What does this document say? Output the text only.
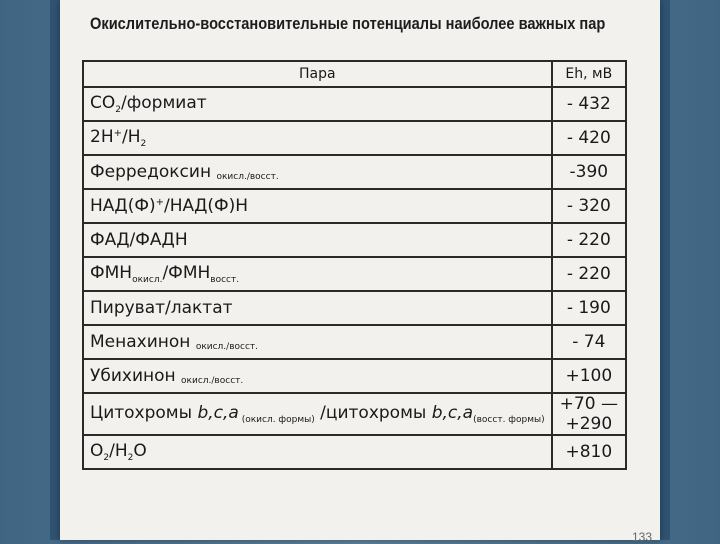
Окислительно-восстановительные потенциалы наиболее важных пар
Пара	Eh, мВ
$CO_2$/формиат	- 432
$2H^+/H_2$	- 420
Ферредоксин окисл./восст.	-390
НАД(Ф)+/НАД(Ф)Н	- 320
ФАД/ФАДН	- 220
$ФМН_{окисл.}/ФМН_{восст.}$	- 220
Пируват/лактат	- 190
Менахинон окисл./восст.	- 74
Убихинон окисл./восст.	+100
Цитохромы b,c,a $_{(окисл. формы)}$ /цитохромы $b,c,a_{(восст. формы)}$	+70 — +290
$O_2/H_2O$	+810
133
